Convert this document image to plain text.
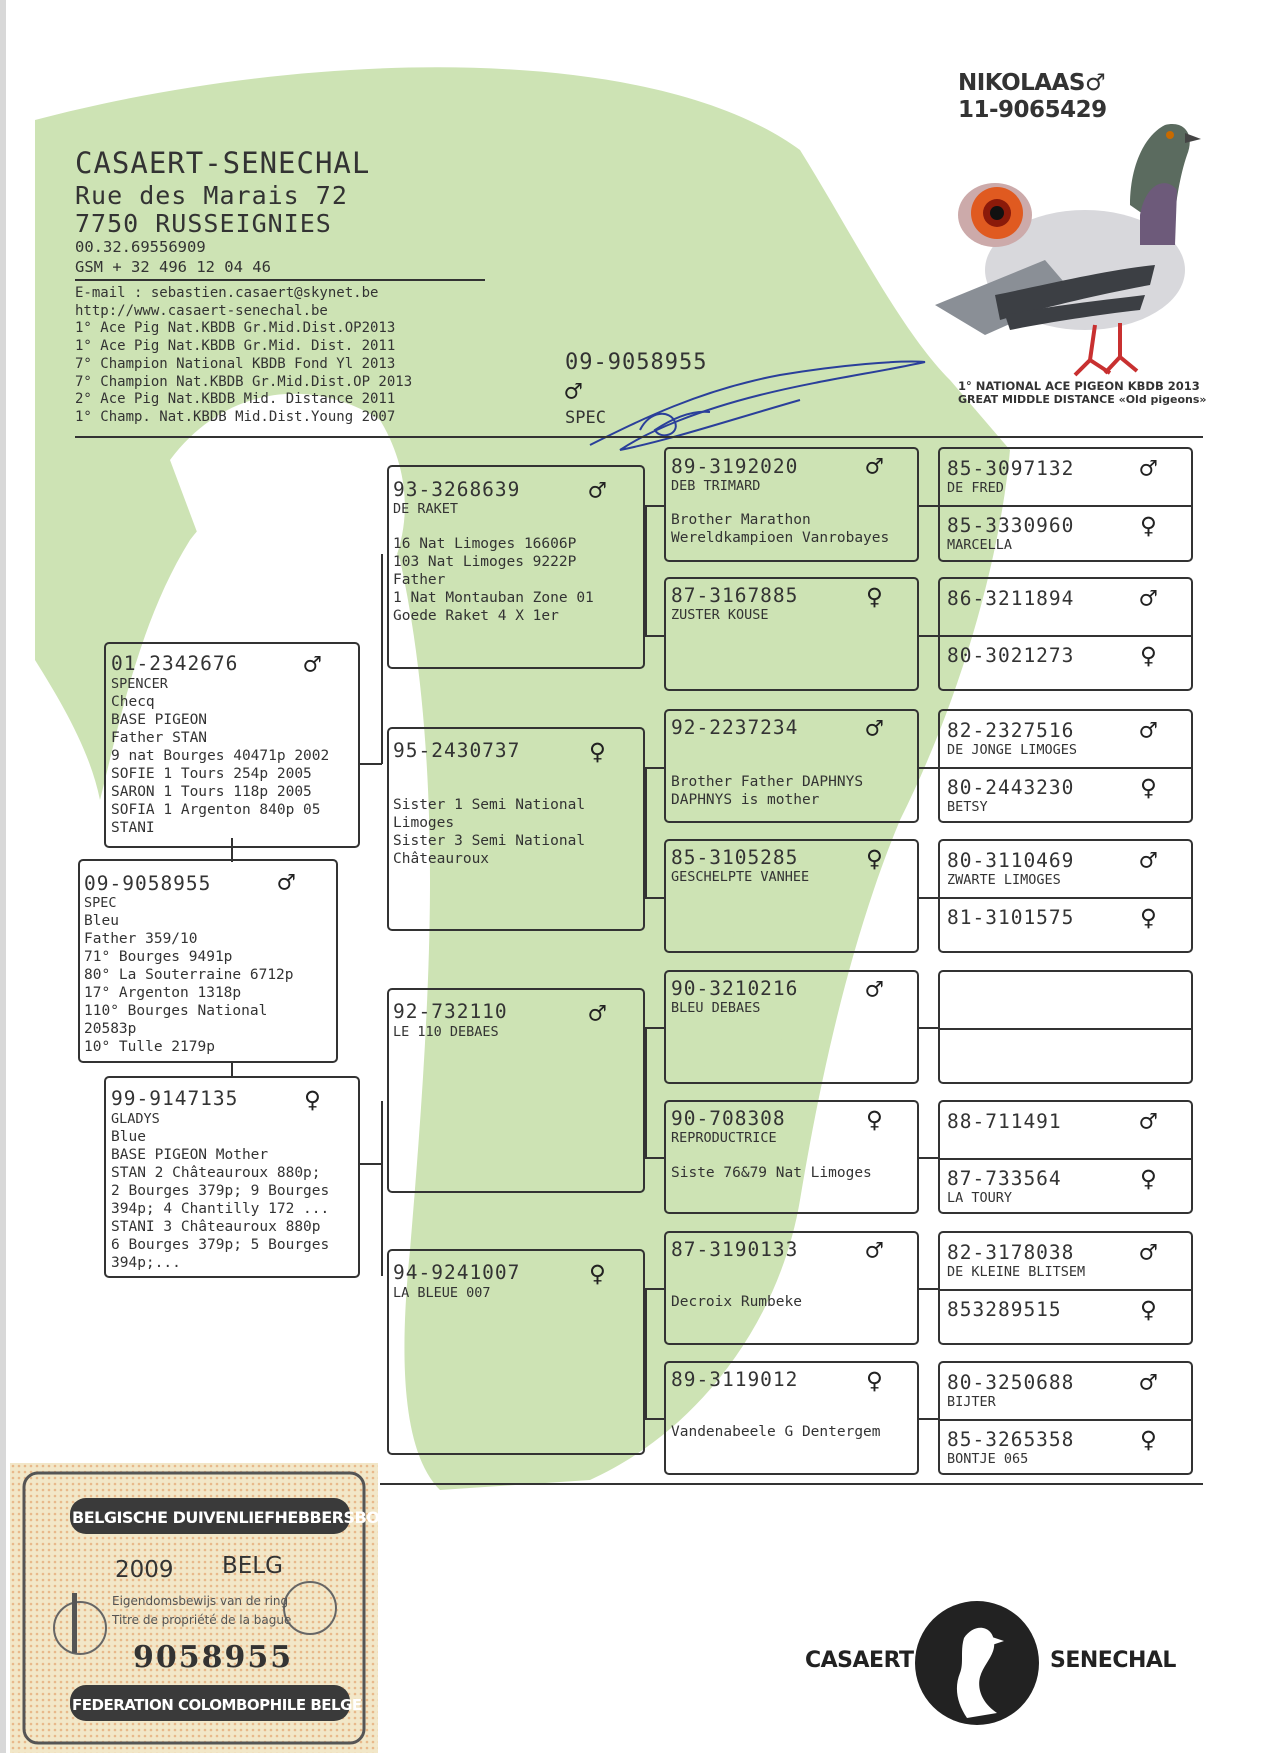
CASAERT-SENECHAL
Rue des Marais 72
7750 RUSSEIGNIES
00.32.69556909
GSM + 32 496 12 04 46
E-mail : sebastien.casaert@skynet.be
http://www.casaert-senechal.be
1° Ace Pig Nat.KBDB Gr.Mid.Dist.OP2013
1° Ace Pig Nat.KBDB Gr.Mid. Dist. 2011
7° Champion National KBDB Fond Yl 2013
7° Champion Nat.KBDB Gr.Mid.Dist.OP 2013
2° Ace Pig Nat.KBDB Mid. Distance 2011
1° Champ. Nat.KBDB Mid.Dist.Young 2007
09-9058955
♂
SPEC
NIKOLAAS♂
11-9065429
1° NATIONAL ACE PIGEON KBDB 2013
GREAT MIDDLE DISTANCE «Old pigeons»
01-2342676 ♂
SPENCER
Checq
BASE PIGEON
Father STAN
9 nat Bourges 40471p 2002
SOFIE 1 Tours 254p 2005
SARON 1 Tours 118p 2005
SOFIA 1 Argenton 840p 05
STANI
09-9058955 ♂
SPEC
Bleu
Father 359/10
71° Bourges 9491p
80° La Souterraine 6712p
17° Argenton 1318p
110° Bourges National
20583p
10° Tulle 2179p
99-9147135 ♀
GLADYS
Blue
BASE PIGEON Mother
STAN 2 Châteauroux 880p;
2 Bourges 379p; 9 Bourges
394p; 4 Chantilly 172 ...
STANI 3 Châteauroux 880p
6 Bourges 379p; 5 Bourges
394p;...
93-3268639 ♂
DE RAKET
16 Nat Limoges 16606P
103 Nat Limoges 9222P
Father
1 Nat Montauban Zone 01
Goede Raket 4 X 1er
95-2430737 ♀
Sister 1 Semi National
Limoges
Sister 3 Semi National
Châteauroux
92-732110	♂
LE 110 DEBAES
94-9241007 ♀
LA BLEUE 007
89-3192020 ♂
DEB TRIMARD
Brother Marathon
Wereldkampioen Vanrobayes
87-3167885 ♀
ZUSTER KOUSE
92-2237234 ♂
Brother Father DAPHNYS
DAPHNYS is mother
85-3105285 ♀
GESCHELPTE VANHEE
90-3210216 ♂
BLEU DEBAES
90-708308	♀
REPRODUCTRICE
Siste 76&79 Nat Limoges
87-3190133 ♂
Decroix Rumbeke
89-3119012 ♀
Vandenabeele G Dentergem
85-3097132 ♂
DE FRED
85-3330960 ♀
MARCELLA
86-3211894 ♂
80-3021273 ♀
82-2327516 ♂
DE JONGE LIMOGES
80-2443230 ♀
BETSY
80-3110469 ♂
ZWARTE LIMOGES
81-3101575 ♀
88-711491	♂
87-733564	♀
LA TOURY
82-3178038 ♂
DE KLEINE BLITSEM
853289515	♀
80-3250688 ♂
BIJTER
85-3265358 ♀
BONTJE 065
BELGISCHE DUIVENLIEFHEBBERSBOND
2009 BELG
Eigendomsbewijs van de ring
Titre de propriété de la bague
9058955
FEDERATION COLOMBOPHILE BELGE
CASAERT	SENECHAL
